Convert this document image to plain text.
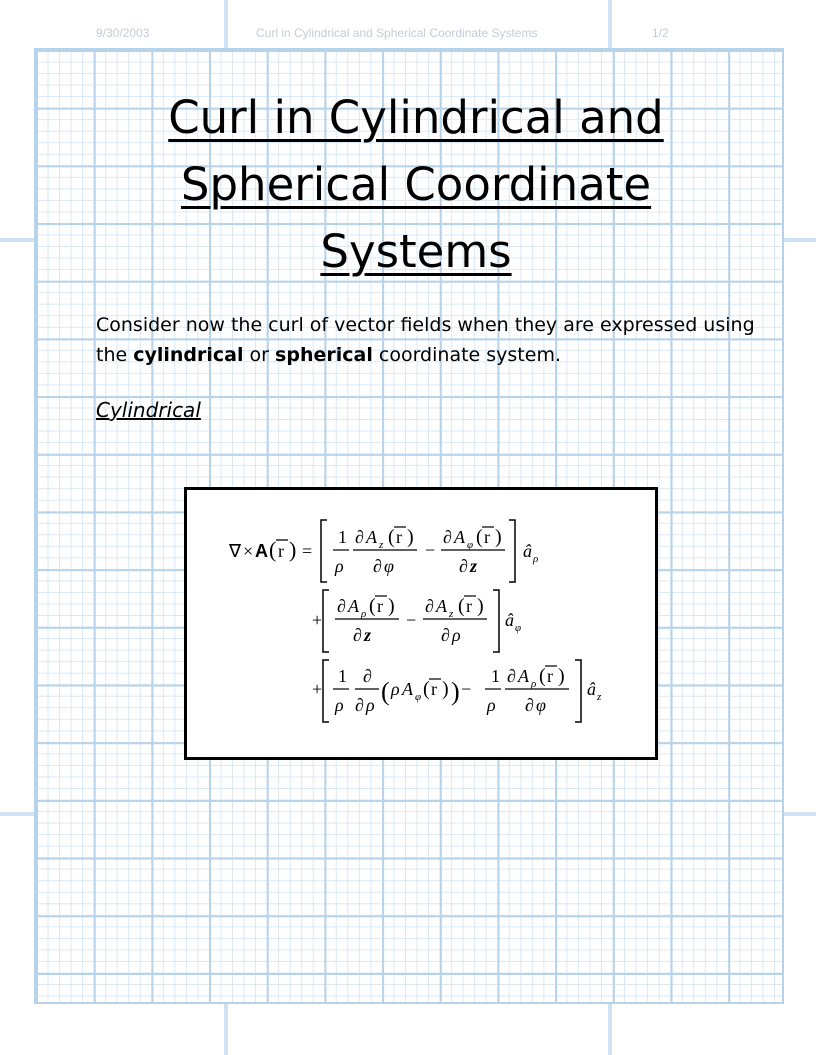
9/30/2003	Curl in Cylindrical and Spherical Coordinate Systems	1/2
Curl in Cylindrical and
Spherical Coordinate
Systems

Consider now the curl of vector fields when they are expressed using the cylindrical or spherical coordinate system.

Cylindrical
∇ × A ( r ) =
1
ρ
∂ A z ( r )
∂ φ
−
∂ A φ ( r )
∂ z
â ρ
+
∂ A ρ ( r )
∂ z
−
∂ A z ( r )
∂ ρ
â φ
+
1
ρ
∂
∂ ρ ( ρ A φ ( r ) ) −
1
ρ
∂ A ρ ( r )
∂ φ
â z
